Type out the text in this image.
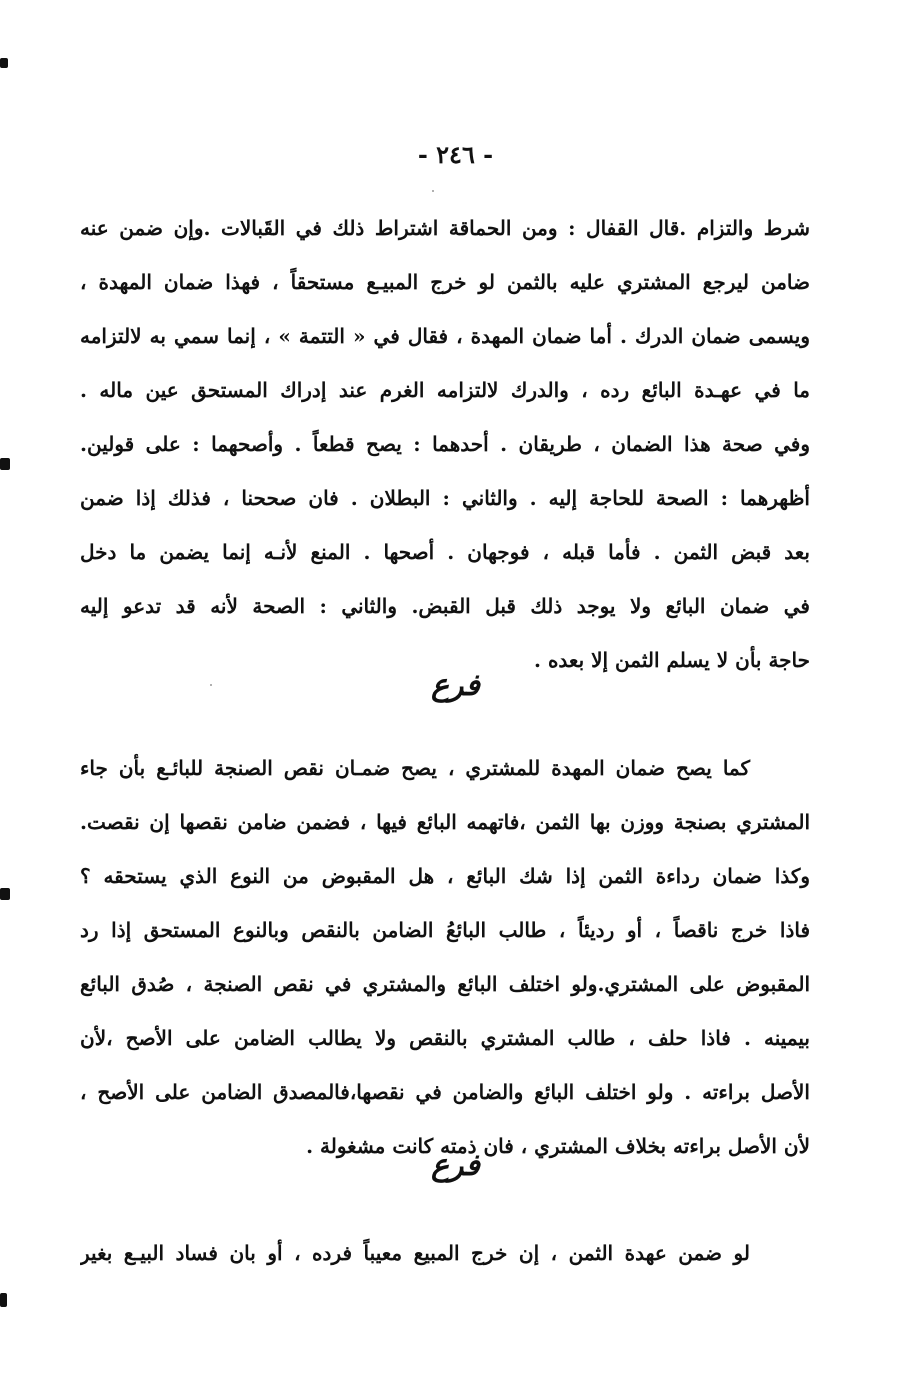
- ٢٤٦ -
شرط والتزام .قال القفال : ومن الحماقة اشتراط ذلك في القَبالات .وإن ضمن عنه
ضامن ليرجع المشتري عليه بالثمن لو خرج المبيـع مستحقاً ، فهذا ضمان المهدة ،
ويسمى ضمان الدرك . أما ضمان المهدة ، فقال في « التتمة » ، إنما سمي به لالتزامه
ما في عهـدة البائع رده ، والدرك لالتزامه الغرم عند إدراك المستحق عين ماله .
وفي صحة هذا الضمان ، طريقان . أحدهما : يصح قطعاً . وأصحهما : على قولين.
أظهرهما : الصحة للحاجة إليه . والثاني : البطلان . فان صححنا ، فذلك إذا ضمن
بعد قبض الثمن . فأما قبله ، فوجهان . أصحها . المنع لأنـه إنما يضمن ما دخل
في ضمان البائع ولا يوجد ذلك قبل القبض. والثاني : الصحة لأنه قد تدعو إليه
حاجة بأن لا يسلم الثمن إلا بعده .
فرع
كما يصح ضمان المهدة للمشتري ، يصح ضمـان نقص الصنجة للبائـع بأن جاء
المشتري بصنجة ووزن بها الثمن ،فاتهمه البائع فيها ، فضمن ضامن نقصها إن نقصت.
وكذا ضمان رداءة الثمن إذا شك البائع ، هل المقبوض من النوع الذي يستحقه ؟
فاذا خرج ناقصاً ، أو رديئاً ، طالب البائعُ الضامن بالنقص وبالنوع المستحق إذا رد
المقبوض على المشتري.ولو اختلف البائع والمشتري في نقص الصنجة ، صُدق البائع
بيمينه . فاذا حلف ، طالب المشتري بالنقص ولا يطالب الضامن على الأصح ،لأن
الأصل براءته . ولو اختلف البائع والضامن في نقصها،فالمصدق الضامن على الأصح ،
لأن الأصل براءته بخلاف المشتري ، فان ذمته كانت مشغولة .
فرع
لو ضمن عهدة الثمن ، إن خرج المبيع معيباً فرده ، أو بان فساد البيـع بغير
